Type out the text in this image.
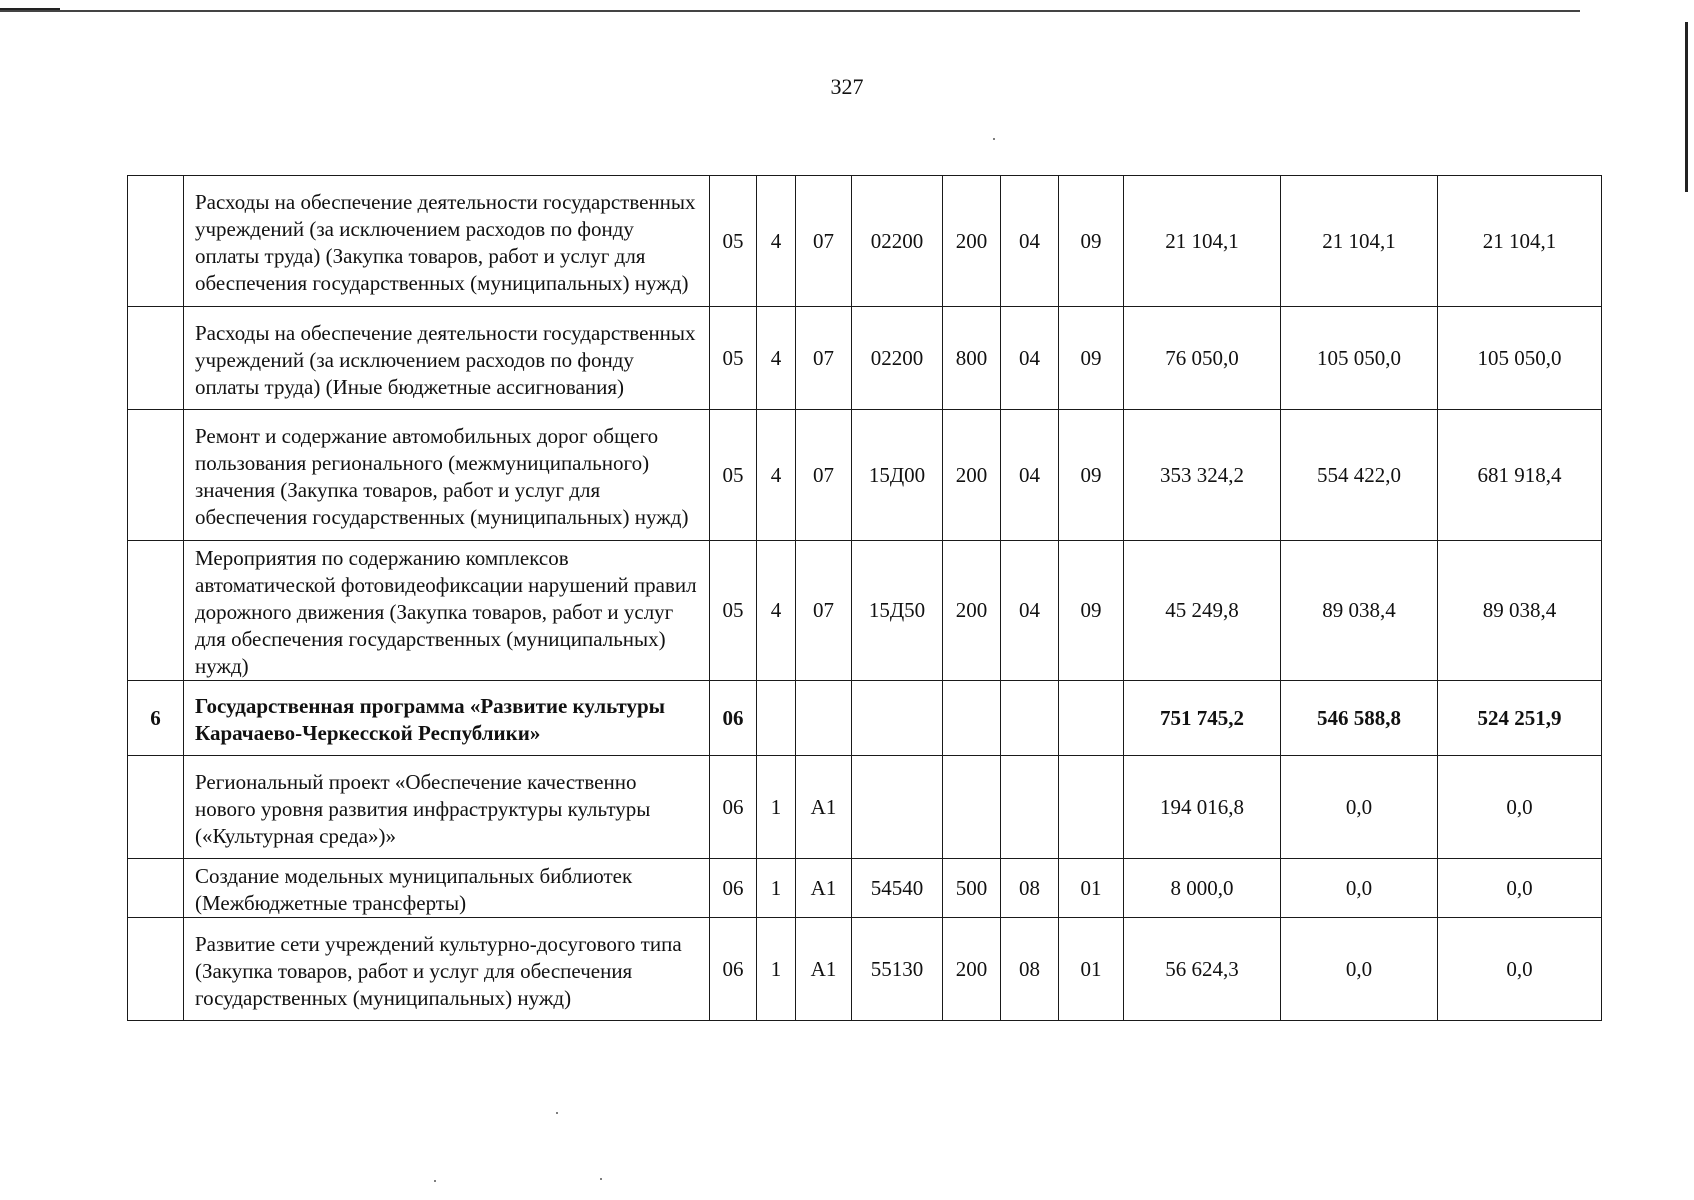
327
	Расходы на обеспечение деятельности государственных учреждений (за исключением расходов по фонду оплаты труда) (Закупка товаров, работ и услуг для обеспечения государственных (муниципальных) нужд)	05	4	07	02200	200	04	09	21 104,1	21 104,1	21 104,1
	Расходы на обеспечение деятельности государственных учреждений (за исключением расходов по фонду оплаты труда) (Иные бюджетные ассигнования)	05	4	07	02200	800	04	09	76 050,0	105 050,0	105 050,0
	Ремонт и содержание автомобильных дорог общего пользования регионального (межмуниципального) значения (Закупка товаров, работ и услуг для обеспечения государственных (муниципальных) нужд)	05	4	07	15Д00	200	04	09	353 324,2	554 422,0	681 918,4
	Мероприятия по содержанию комплексов автоматической фотовидеофиксации нарушений правил дорожного движения (Закупка товаров, работ и услуг для обеспечения государственных (муниципальных) нужд)	05	4	07	15Д50	200	04	09	45 249,8	89 038,4	89 038,4
6	Государственная программа «Развитие культуры Карачаево-Черкесской Республики»	06							751 745,2	546 588,8	524 251,9
	Региональный проект «Обеспечение качественно нового уровня развития инфраструктуры культуры («Культурная среда»)»	06	1	А1					194 016,8	0,0	0,0
	Создание модельных муниципальных библиотек (Межбюджетные трансферты)	06	1	А1	54540	500	08	01	8 000,0	0,0	0,0
	Развитие сети учреждений культурно-досугового типа (Закупка товаров, работ и услуг для обеспечения государственных (муниципальных) нужд)	06	1	А1	55130	200	08	01	56 624,3	0,0	0,0
